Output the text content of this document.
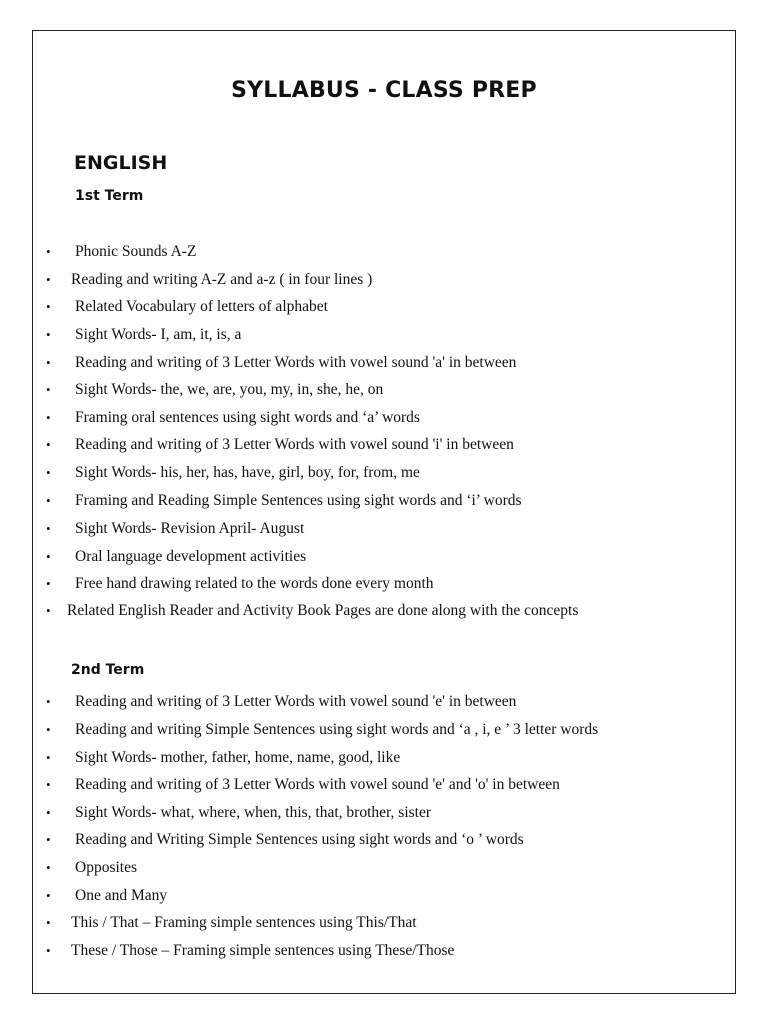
SYLLABUS - CLASS PREP
ENGLISH
1st Term
• Phonic Sounds A-Z
• Reading and writing A-Z and a-z ( in four lines )
• Related Vocabulary of letters of alphabet
• Sight Words- I, am, it, is, a
• Reading and writing of 3 Letter Words with vowel sound 'a' in between
• Sight Words- the, we, are, you, my, in, she, he, on
• Framing oral sentences using sight words and ‘a’ words
• Reading and writing of 3 Letter Words with vowel sound 'i' in between
• Sight Words- his, her, has, have, girl, boy, for, from, me
• Framing and Reading Simple Sentences using sight words and ‘i’ words
• Sight Words- Revision April- August
• Oral language development activities
• Free hand drawing related to the words done every month
• Related English Reader and Activity Book Pages are done along with the concepts
2nd Term
• Reading and writing of 3 Letter Words with vowel sound 'e' in between
• Reading and writing Simple Sentences using sight words and ‘a , i, e ’ 3 letter words
• Sight Words- mother, father, home, name, good, like
• Reading and writing of 3 Letter Words with vowel sound 'e' and 'o' in between
• Sight Words- what, where, when, this, that, brother, sister
• Reading and Writing Simple Sentences using sight words and ‘o ’ words
• Opposites
• One and Many
• This / That – Framing simple sentences using This/That
• These / Those – Framing simple sentences using These/Those
